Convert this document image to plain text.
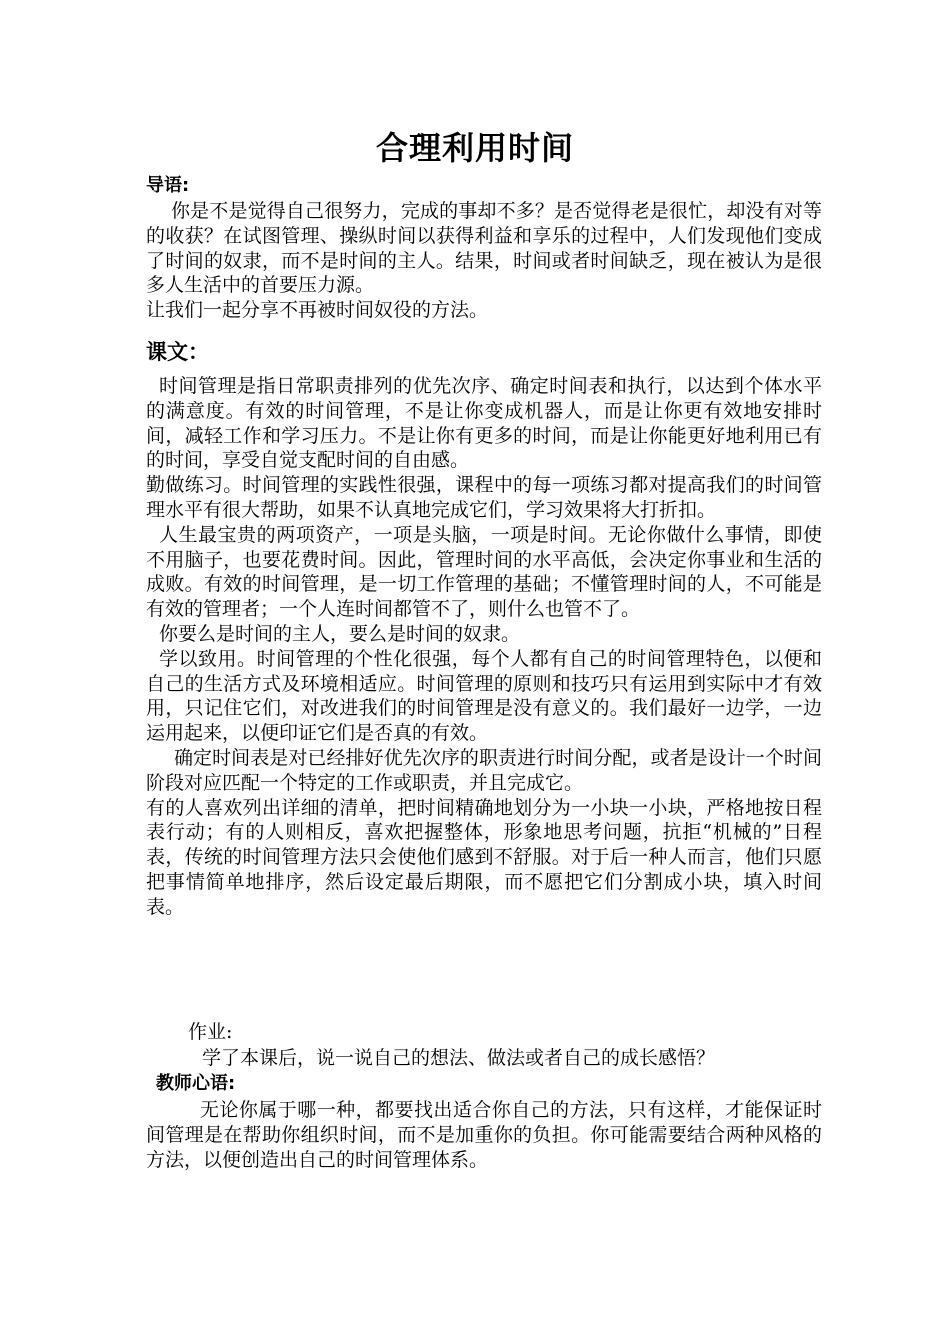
合理利用时间
导语:

你是不是觉得自己很努力，完成的事却不多？是否觉得老是很忙，却没有对等的收获？在试图管理、操纵时间以获得利益和享乐的过程中，人们发现他们变成了时间的奴隶，而不是时间的主人。结果，时间或者时间缺乏，现在被认为是很多人生活中的首要压力源。

让我们一起分享不再被时间奴役的方法。

课文：

时间管理是指日常职责排列的优先次序、确定时间表和执行，以达到个体水平的满意度。有效的时间管理，不是让你变成机器人，而是让你更有效地安排时间，减轻工作和学习压力。不是让你有更多的时间，而是让你能更好地利用已有的时间，享受自觉支配时间的自由感。

勤做练习。时间管理的实践性很强，课程中的每一项练习都对提高我们的时间管理水平有很大帮助，如果不认真地完成它们，学习效果将大打折扣。

人生最宝贵的两项资产，一项是头脑，一项是时间。无论你做什么事情，即使不用脑子，也要花费时间。因此，管理时间的水平高低，会决定你事业和生活的成败。有效的时间管理，是一切工作管理的基础；不懂管理时间的人，不可能是有效的管理者；一个人连时间都管不了，则什么也管不了。

你要么是时间的主人，要么是时间的奴隶。

学以致用。时间管理的个性化很强，每个人都有自己的时间管理特色，以便和自己的生活方式及环境相适应。时间管理的原则和技巧只有运用到实际中才有效用，只记住它们，对改进我们的时间管理是没有意义的。我们最好一边学，一边运用起来，以便印证它们是否真的有效。

确定时间表是对已经排好优先次序的职责进行时间分配，或者是设计一个时间阶段对应匹配一个特定的工作或职责，并且完成它。

有的人喜欢列出详细的清单，把时间精确地划分为一小块一小块，严格地按日程表行动；有的人则相反，喜欢把握整体，形象地思考问题，抗拒“机械的”日程表，传统的时间管理方法只会使他们感到不舒服。对于后一种人而言，他们只愿把事情简单地排序，然后设定最后期限，而不愿把它们分割成小块，填入时间表。

作业:
学了本课后，说一说自己的想法、做法或者自己的成长感悟？
教师心语:

无论你属于哪一种，都要找出适合你自己的方法，只有这样，才能保证时间管理是在帮助你组织时间，而不是加重你的负担。你可能需要结合两种风格的方法，以便创造出自己的时间管理体系。
